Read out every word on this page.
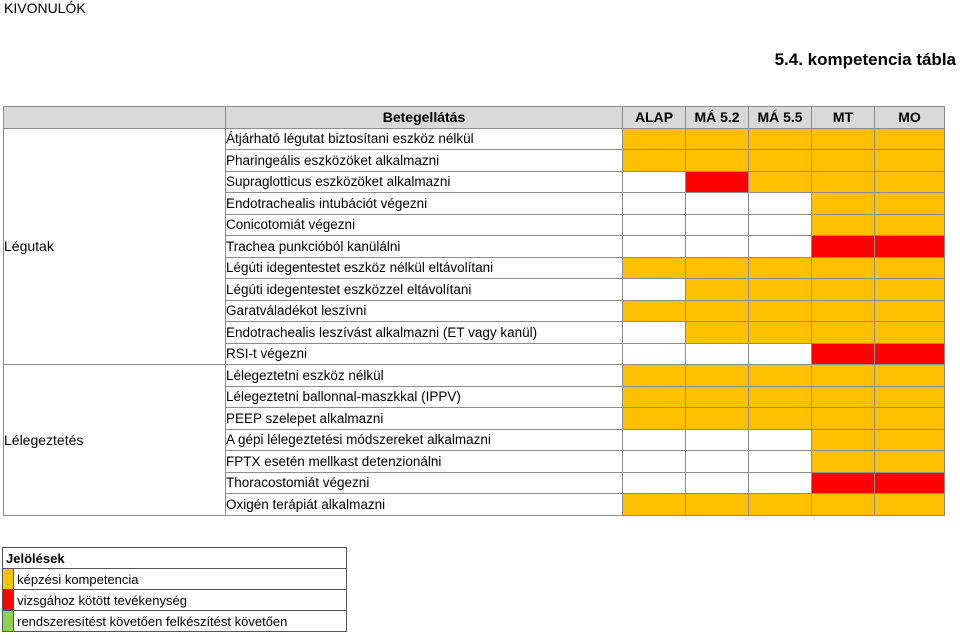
KIVONULÓK
5.4. kompetencia tábla
	Betegellátás	ALAP	MÁ 5.2	MÁ 5.5	MT	MO
Légutak	Átjárható légutat biztosítani eszköz nélkül					
	Pharingeális eszközöket alkalmazni					
	Supraglotticus eszközöket alkalmazni					
	Endotrachealis intubációt végezni					
	Conicotomiát végezni					
	Trachea punkcióból kanülálni					
	Légúti idegentestet eszköz nélkül eltávolítani					
	Légúti idegentestet eszközzel eltávolítani					
	Garatváladékot leszívni					
	Endotrachealis leszívást alkalmazni (ET vagy kanül)					
	RSI-t végezni					
Lélegeztetés	Lélegeztetni eszköz nélkül					
	Lélegeztetni ballonnal-maszkkal (IPPV)					
	PEEP szelepet alkalmazni					
	A gépi lélegeztetési módszereket alkalmazni					
	FPTX esetén mellkast detenzionálni					
	Thoracostomiát végezni					
	Oxigén terápiát alkalmazni					
Jelölések	
	képzési kompetencia
	vizsgához kötött tevékenység
	rendszeresítést követően felkészítést követően
